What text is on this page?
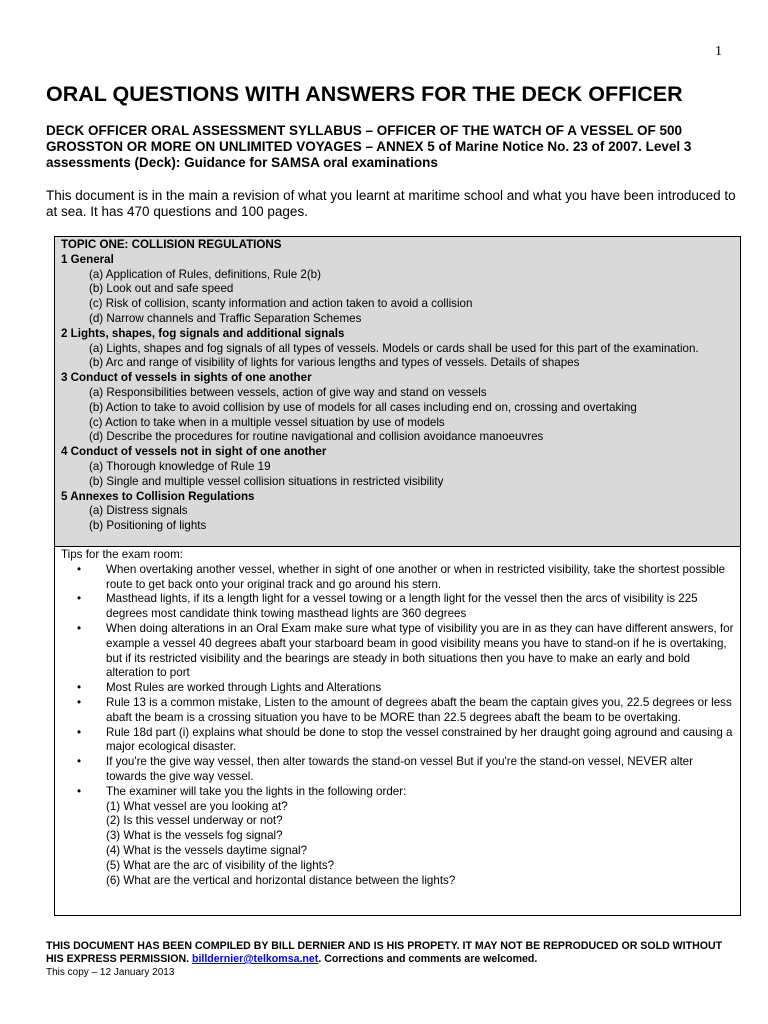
1
ORAL QUESTIONS WITH ANSWERS FOR THE DECK OFFICER

DECK OFFICER ORAL ASSESSMENT SYLLABUS – OFFICER OF THE WATCH OF A VESSEL OF 500 GROSSTON OR MORE ON UNLIMITED VOYAGES – ANNEX 5 of Marine Notice No. 23 of 2007. Level 3 assessments (Deck): Guidance for SAMSA oral examinations

This document is in the main a revision of what you learnt at maritime school and what you have been introduced to at sea. It has 470 questions and 100 pages.

TOPIC ONE: COLLISION REGULATIONS
1 General
(a) Application of Rules, definitions, Rule 2(b)
(b) Look out and safe speed
(c) Risk of collision, scanty information and action taken to avoid a collision
(d) Narrow channels and Traffic Separation Schemes
2 Lights, shapes, fog signals and additional signals
(a) Lights, shapes and fog signals of all types of vessels. Models or cards shall be used for this part of the examination.
(b) Arc and range of visibility of lights for various lengths and types of vessels. Details of shapes
3 Conduct of vessels in sights of one another
(a) Responsibilities between vessels, action of give way and stand on vessels
(b) Action to take to avoid collision by use of models for all cases including end on, crossing and overtaking
(c) Action to take when in a multiple vessel situation by use of models
(d) Describe the procedures for routine navigational and collision avoidance manoeuvres
4 Conduct of vessels not in sight of one another
(a) Thorough knowledge of Rule 19
(b) Single and multiple vessel collision situations in restricted visibility
5 Annexes to Collision Regulations
(a) Distress signals
(b) Positioning of lights
Tips for the exam room:
• When overtaking another vessel, whether in sight of one another or when in restricted visibility, take the shortest possible route to get back onto your original track and go around his stern.
• Masthead lights, if its a length light for a vessel towing or a length light for the vessel then the arcs of visibility is 225 degrees most candidate think towing masthead lights are 360 degrees
• When doing alterations in an Oral Exam make sure what type of visibility you are in as they can have different answers, for example a vessel 40 degrees abaft your starboard beam in good visibility means you have to stand-on if he is overtaking, but if its restricted visibility and the bearings are steady in both situations then you have to make an early and bold alteration to port
• Most Rules are worked through Lights and Alterations
• Rule 13 is a common mistake, Listen to the amount of degrees abaft the beam the captain gives you, 22.5 degrees or less abaft the beam is a crossing situation you have to be MORE than 22.5 degrees abaft the beam to be overtaking.
• Rule 18d part (i) explains what should be done to stop the vessel constrained by her draught going aground and causing a major ecological disaster.
• If you're the give way vessel, then alter towards the stand-on vessel But if you're the stand-on vessel, NEVER alter towards the give way vessel.
• The examiner will take you the lights in the following order:
(1) What vessel are you looking at?
(2) Is this vessel underway or not?
(3) What is the vessels fog signal?
(4) What is the vessels daytime signal?
(5) What are the arc of visibility of the lights?
(6) What are the vertical and horizontal distance between the lights?
THIS DOCUMENT HAS BEEN COMPILED BY BILL DERNIER AND IS HIS PROPETY. IT MAY NOT BE REPRODUCED OR SOLD WITHOUT HIS EXPRESS PERMISSION. billdernier@telkomsa.net. Corrections and comments are welcomed.
This copy – 12 January 2013
